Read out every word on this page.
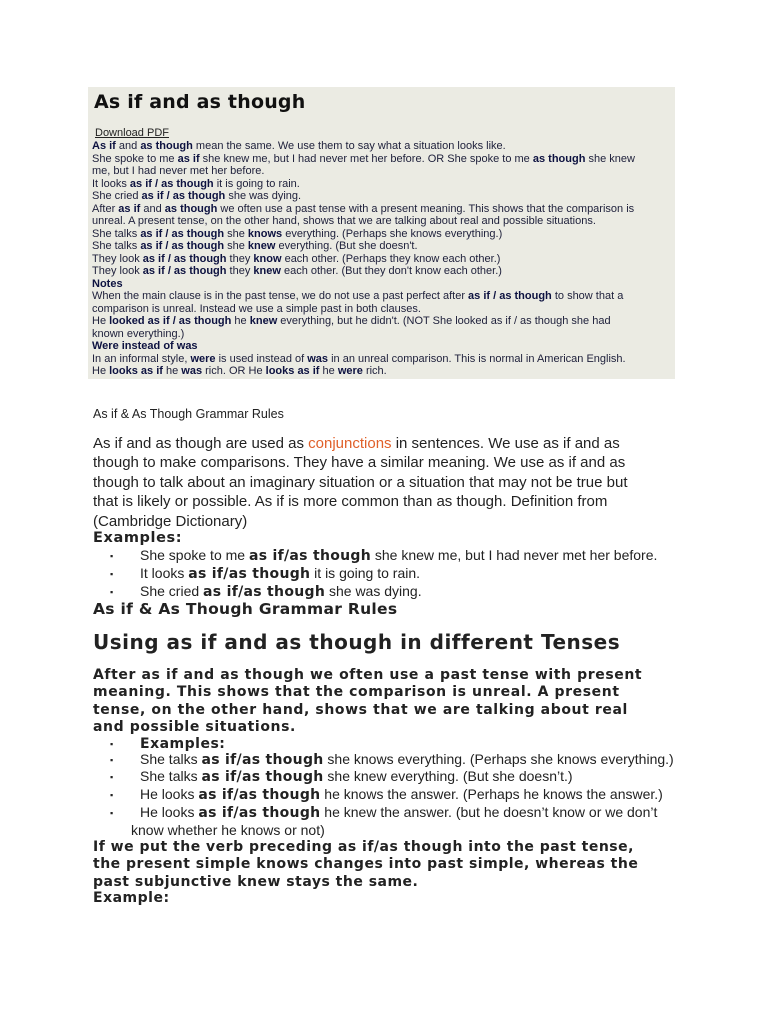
As if and as though
Download PDF
As if and as though mean the same. We use them to say what a situation looks like.
She spoke to me as if she knew me, but I had never met her before. OR She spoke to me as though she knew
me, but I had never met her before.
It looks as if / as though it is going to rain.
She cried as if / as though she was dying.
After as if and as though we often use a past tense with a present meaning. This shows that the comparison is
unreal. A present tense, on the other hand, shows that we are talking about real and possible situations.
She talks as if / as though she knows everything. (Perhaps she knows everything.)
She talks as if / as though she knew everything. (But she doesn't.
They look as if / as though they know each other. (Perhaps they know each other.)
They look as if / as though they knew each other. (But they don't know each other.)
Notes
When the main clause is in the past tense, we do not use a past perfect after as if / as though to show that a
comparison is unreal. Instead we use a simple past in both clauses.
He looked as if / as though he knew everything, but he didn't. (NOT She looked as if / as though she had
known everything.)
Were instead of was
In an informal style, were is used instead of was in an unreal comparison. This is normal in American English.
He looks as if he was rich. OR He looks as if he were rich.
As if & As Though Grammar Rules
As if and as though are used as conjunctions in sentences. We use as if and as
though to make comparisons. They have a similar meaning. We use as if and as
though to talk about an imaginary situation or a situation that may not be true but
that is likely or possible. As if is more common than as though. Definition from
(Cambridge Dictionary)
Examples:
▪ She spoke to me as if/as though she knew me, but I had never met her before.
▪ It looks as if/as though it is going to rain.
▪ She cried as if/as though she was dying.
As if & As Though Grammar Rules
Using as if and as though in different Tenses
After as if and as though we often use a past tense with present
meaning. This shows that the comparison is unreal. A present
tense, on the other hand, shows that we are talking about real
and possible situations.
▪ Examples:
▪ She talks as if/as though she knows everything. (Perhaps she knows everything.)
▪ She talks as if/as though she knew everything. (But she doesn’t.)
▪ He looks as if/as though he knows the answer. (Perhaps he knows the answer.)
▪ He looks as if/as though he knew the answer. (but he doesn’t know or we don’t
know whether he knows or not)
If we put the verb preceding as if/as though into the past tense,
the present simple knows changes into past simple, whereas the
past subjunctive knew stays the same.
Example:
